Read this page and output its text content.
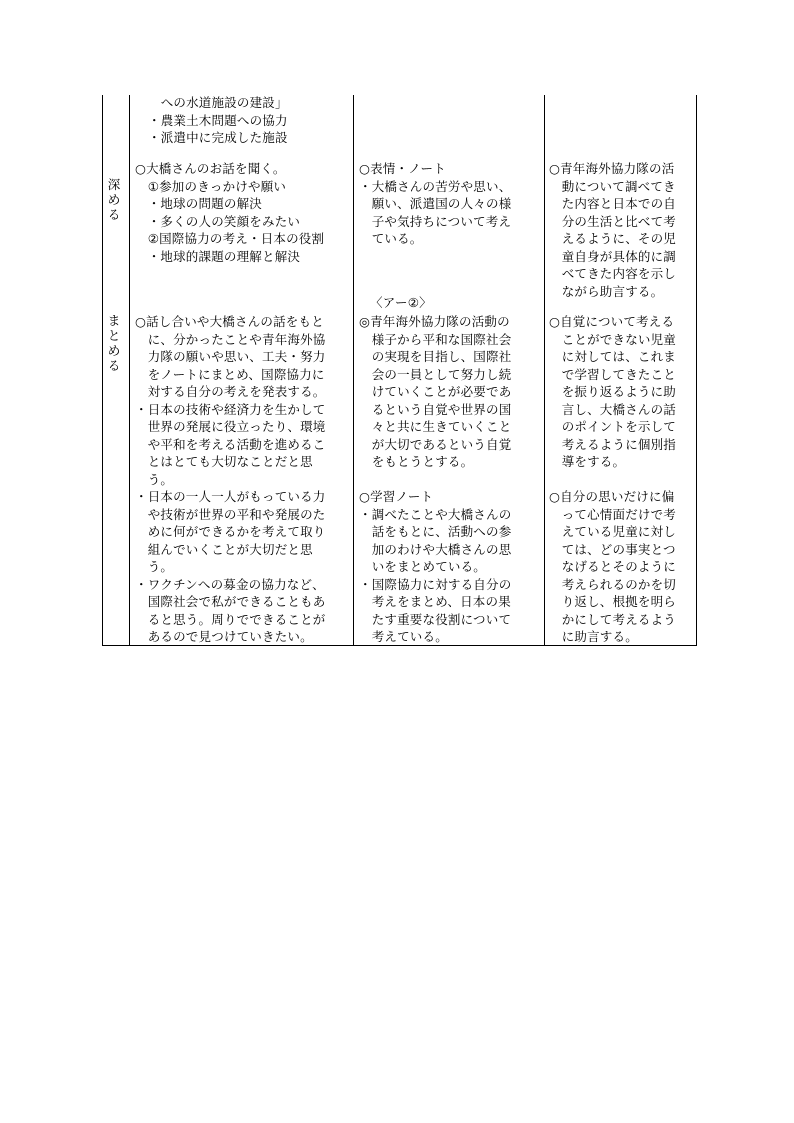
　への水道施設の建設」
・農業土木問題への協力
・派遣中に完成した施設
深
め
る
○大橋さんのお話を聞く。
　①参加のきっかけや願い
　・地球の問題の解決
　・多くの人の笑顔をみたい
　②国際協力の考え・日本の役割
　・地球的課題の理解と解決
○表情・ノート
・大橋さんの苦労や思い、
　願い、派遣国の人々の様
　子や気持ちについて考え
　ている。
○青年海外協力隊の活
　動について調べてき
　た内容と日本での自
　分の生活と比べて考
　えるように、その児
　童自身が具体的に調
　べてきた内容を示し
　ながら助言する。
ま
と
め
る
○話し合いや大橋さんの話をもと
　に、分かったことや青年海外協
　力隊の願いや思い、工夫・努力
　をノートにまとめ、国際協力に
　対する自分の考えを発表する。
・日本の技術や経済力を生かして
　世界の発展に役立ったり、環境
　や平和を考える活動を進めるこ
　とはとても大切なことだと思
　う。
・日本の一人一人がもっている力
　や技術が世界の平和や発展のた
　めに何ができるかを考えて取り
　組んでいくことが大切だと思
　う。
・ワクチンへの募金の協力など、
　国際社会で私ができることもあ
　ると思う。周りでできることが
　あるので見つけていきたい。
〈アー②〉
◎青年海外協力隊の活動の
　様子から平和な国際社会
　の実現を目指し、国際社
　会の一員として努力し続
　けていくことが必要であ
　るという自覚や世界の国
　々と共に生きていくこと
　が大切であるという自覚
　をもとうとする。

○学習ノート
・調べたことや大橋さんの
　話をもとに、活動への参
　加のわけや大橋さんの思
　いをまとめている。
・国際協力に対する自分の
　考えをまとめ、日本の果
　たす重要な役割について
　考えている。
○自覚について考える
　ことができない児童
　に対しては、これま
　で学習してきたこと
　を振り返るように助
　言し、大橋さんの話
　のポイントを示して
　考えるように個別指
　導をする。

○自分の思いだけに偏
　って心情面だけで考
　えている児童に対し
　ては、どの事実とつ
　なげるとそのように
　考えられるのかを切
　り返し、根拠を明ら
　かにして考えるよう
　に助言する。
